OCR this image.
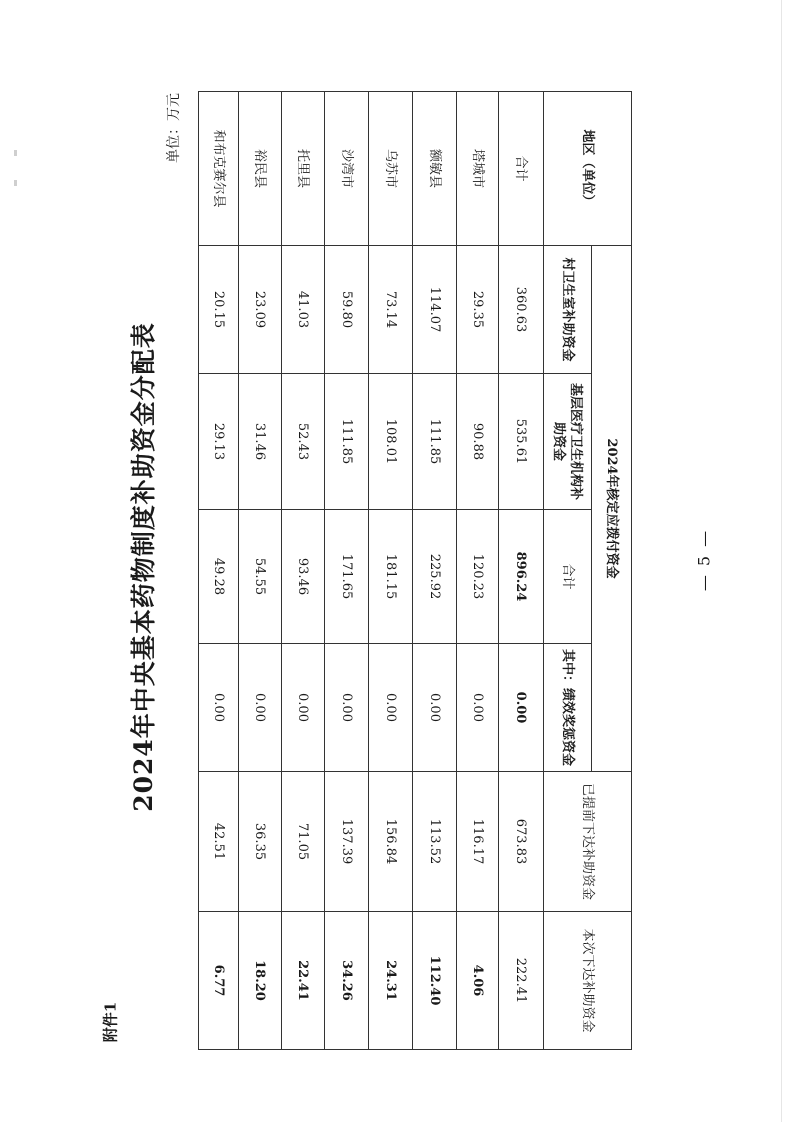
附件1
2024年中央基本药物制度补助资金分配表
单位：万元
— 5 —
地区（单位）	2024年核定应拨付资金				已提前下达补助资金	本次下达补助资金
	村卫生室补助资金	基层医疗卫生机构补助资金	合计	其中：绩效奖惩资金		
合计	360.63	535.61	896.24	0.00	673.83	222.41
塔城市	29.35	90.88	120.23	0.00	116.17	4.06
额敏县	114.07	111.85	225.92	0.00	113.52	112.40
乌苏市	73.14	108.01	181.15	0.00	156.84	24.31
沙湾市	59.80	111.85	171.65	0.00	137.39	34.26
托里县	41.03	52.43	93.46	0.00	71.05	22.41
裕民县	23.09	31.46	54.55	0.00	36.35	18.20
和布克赛尔县	20.15	29.13	49.28	0.00	42.51	6.77
